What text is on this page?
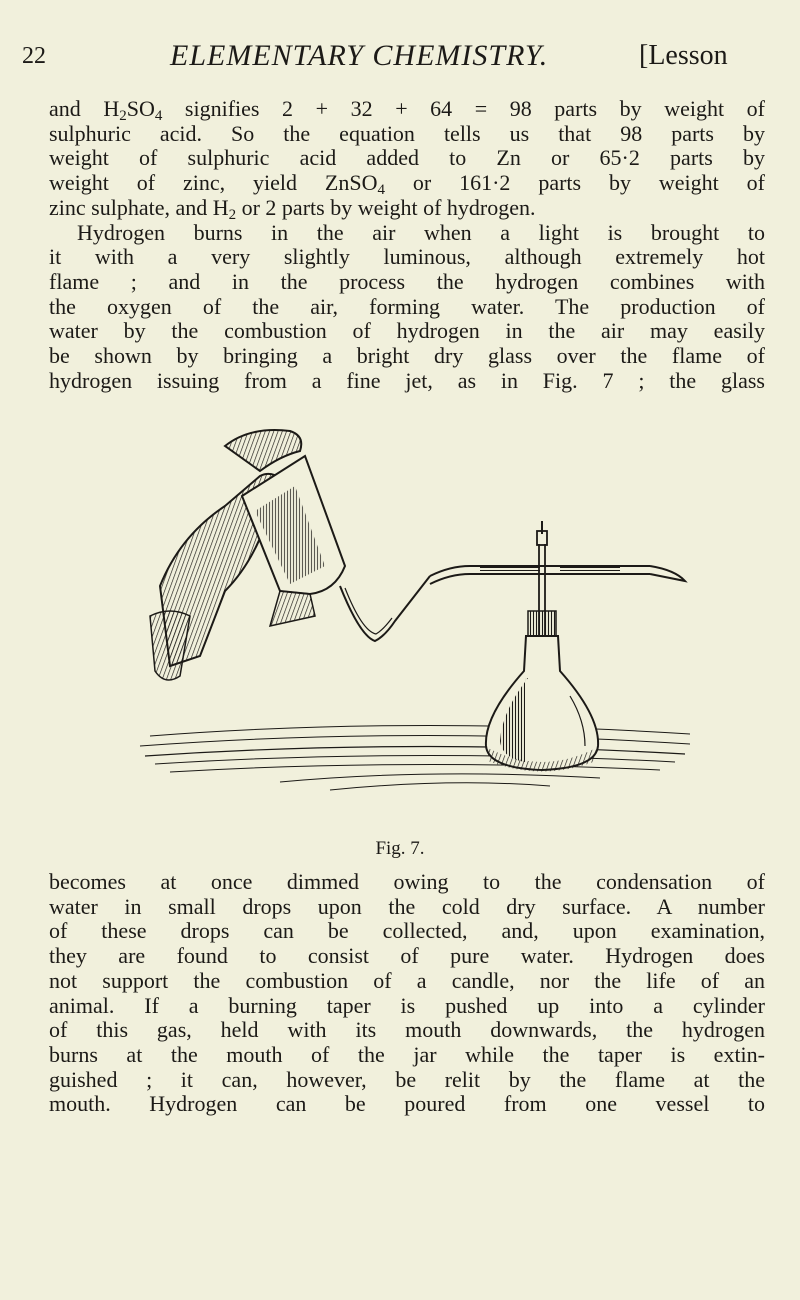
22	ELEMENTARY CHEMISTRY.	[Lesson
and $H_2SO_4$ signifies 2 + 32 + 64 = 98 parts by weight of
sulphuric acid. So the equation tells us that 98 parts by
weight of sulphuric acid added to Zn or 65·2 parts by
weight of zinc, yield ZnSO$_4$ or 161·2 parts by weight of
zinc sulphate, and $H_2$ or 2 parts by weight of hydrogen.
Hydrogen burns in the air when a light is brought to
it with a very slightly luminous, although extremely hot
flame ; and in the process the hydrogen combines with
the oxygen of the air, forming water. The production of
water by the combustion of hydrogen in the air may easily
be shown by bringing a bright dry glass over the flame of
hydrogen issuing from a fine jet, as in Fig. 7 ; the glass
Fig. 7.
becomes at once dimmed owing to the condensation of
water in small drops upon the cold dry surface. A number
of these drops can be collected, and, upon examination,
they are found to consist of pure water. Hydrogen does
not support the combustion of a candle, nor the life of an
animal. If a burning taper is pushed up into a cylinder
of this gas, held with its mouth downwards, the hydrogen
burns at the mouth of the jar while the taper is extin-
guished ; it can, however, be relit by the flame at the
mouth. Hydrogen can be poured from one vessel to
